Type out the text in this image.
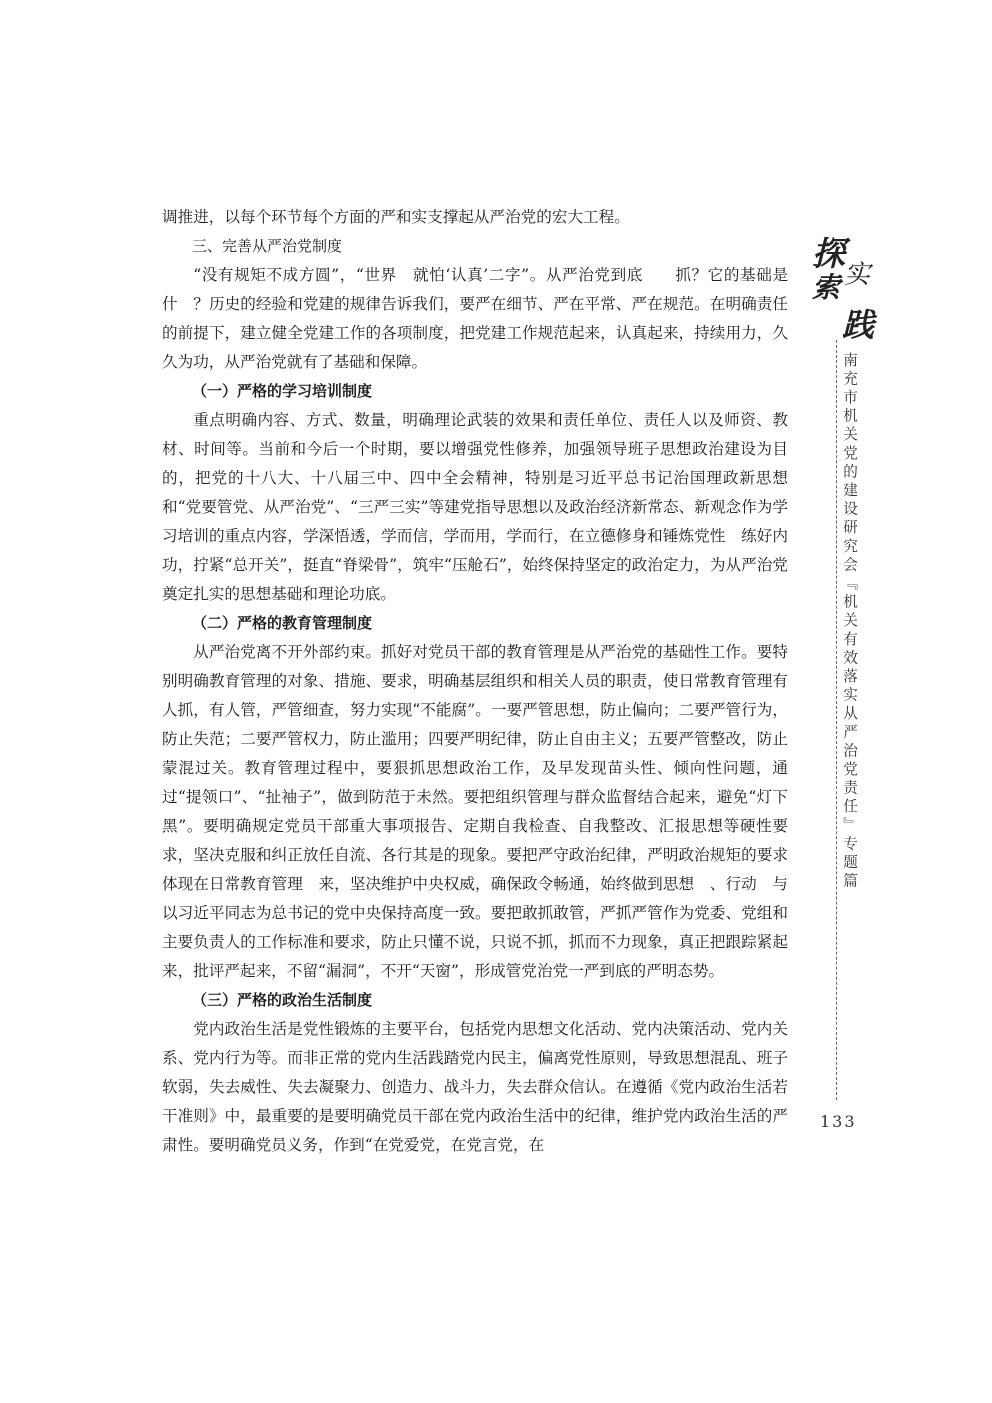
调推进，以每个环节每个方面的严和实支撑起从严治党的宏大工程。

三、完善从严治党制度

“没有规矩不成方圆”，“世界　就怕‘认真’二字”。从严治党到底　　抓？它的基础是什　？历史的经验和党建的规律告诉我们，要严在细节、严在平常、严在规范。在明确责任的前提下，建立健全党建工作的各项制度，把党建工作规范起来，认真起来，持续用力，久久为功，从严治党就有了基础和保障。

（一）严格的学习培训制度

重点明确内容、方式、数量，明确理论武装的效果和责任单位、责任人以及师资、教材、时间等。当前和今后一个时期，要以增强党性修养，加强领导班子思想政治建设为目的，把党的十八大、十八届三中、四中全会精神，特别是习近平总书记治国理政新思想和“党要管党、从严治党”、“三严三实”等建党指导思想以及政治经济新常态、新观念作为学习培训的重点内容，学深悟透，学而信，学而用，学而行，在立德修身和锤炼党性　练好内功，拧紧“总开关”，挺直“脊梁骨”，筑牢“压舱石”，始终保持坚定的政治定力，为从严治党奠定扎实的思想基础和理论功底。

（二）严格的教育管理制度

从严治党离不开外部约束。抓好对党员干部的教育管理是从严治党的基础性工作。要特别明确教育管理的对象、措施、要求，明确基层组织和相关人员的职责，使日常教育管理有人抓，有人管，严管细查，努力实现“不能腐”。一要严管思想，防止偏向；二要严管行为，防止失范；二要严管权力，防止滥用；四要严明纪律，防止自由主义；五要严管整改，防止蒙混过关。教育管理过程中，要狠抓思想政治工作，及早发现苗头性、倾向性问题，通过“提领口”、“扯袖子”，做到防范于未然。要把组织管理与群众监督结合起来，避免“灯下黑”。要明确规定党员干部重大事项报告、定期自我检查、自我整改、汇报思想等硬性要求，坚决克服和纠正放任自流、各行其是的现象。要把严守政治纪律，严明政治规矩的要求体现在日常教育管理　来，坚决维护中央权威，确保政令畅通，始终做到思想　、行动　与以习近平同志为总书记的党中央保持高度一致。要把敢抓敢管，严抓严管作为党委、党组和主要负责人的工作标准和要求，防止只懂不说，只说不抓，抓而不力现象，真正把跟踪紧起来，批评严起来，不留“漏洞”，不开“天窗”，形成管党治党一严到底的严明态势。

（三）严格的政治生活制度

党内政治生活是党性锻炼的主要平台，包括党内思想文化活动、党内决策活动、党内关系、党内行为等。而非正常的党内生活践踏党内民主，偏离党性原则，导致思想混乱、班子软弱，失去威性、失去凝聚力、创造力、战斗力，失去群众信认。在遵循《党内政治生活若干准则》中，最重要的是要明确党员干部在党内政治生活中的纪律，维护党内政治生活的严肃性。要明确党员义务，作到“在党爱党，在党言党，在

探
索 实
践
南充市机关党的建设研究会『机关有效落实从严治党责任』专题篇
133
